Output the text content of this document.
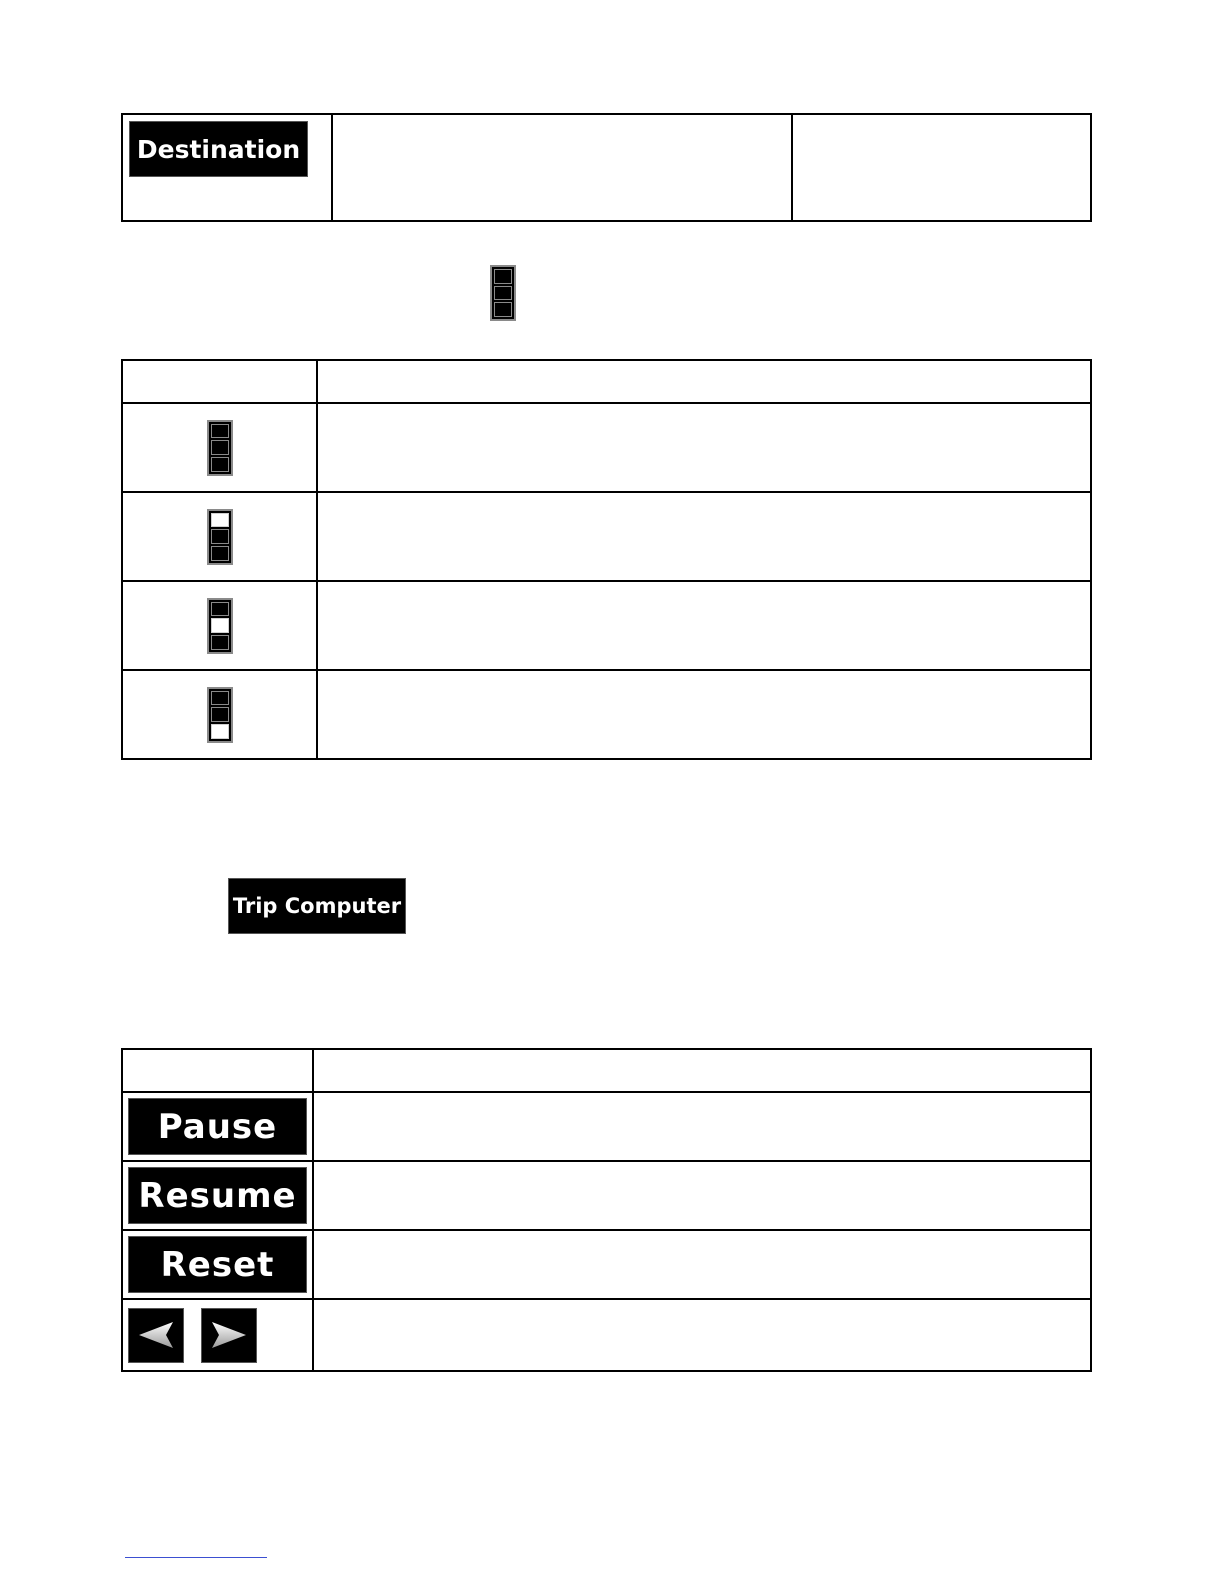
Destination

Trip Computer

Pause	

Resume	

Reset	
